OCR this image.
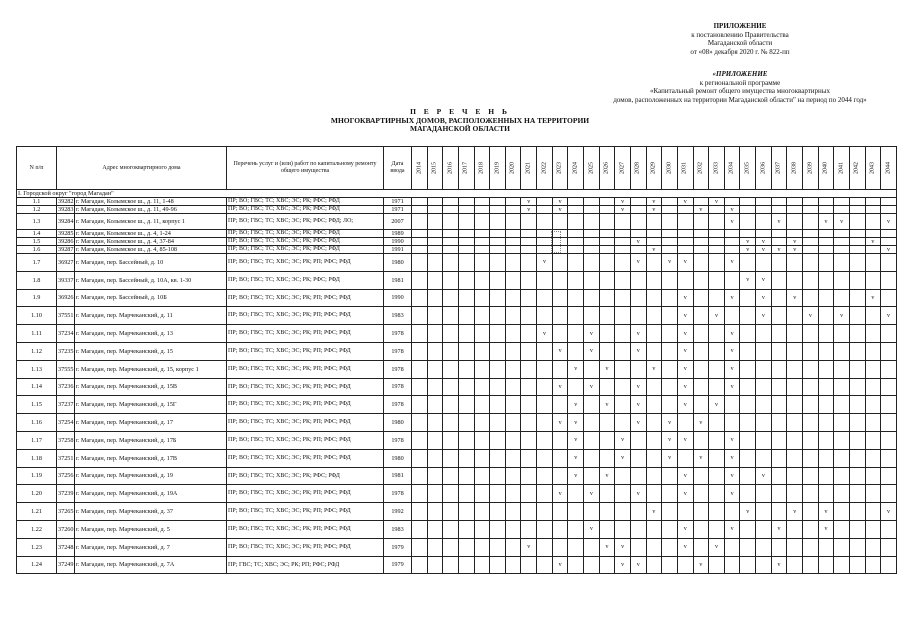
ПРИЛОЖЕНИЕ
к постановлению Правительства
Магаданской области
от «08» декабря 2020 г. № 822-пп
«ПРИЛОЖЕНИЕ
к региональной программе
«Капитальный ремонт общего имущества многоквартирных
домов, расположенных на территории Магаданской области" на период по 2044 год»
П Е Р Е Ч Е Н Ь
МНОГОКВАРТИРНЫХ ДОМОВ, РАСПОЛОЖЕННЫХ НА ТЕРРИТОРИИ
МАГАДАНСКОЙ ОБЛАСТИ
N п/п	Адрес многоквартирного дома		Перечень услуг и (или) работ по капитальному ремонту общего имущества	Дата ввода	2014	2015	2016	2017	2018	2019	2020	2021	2022	2023	2024	2025	2026	2027	2028	2029	2030	2031	2032	2033	2034	2035	2036	2037	2038	2039	2040	2041	2042	2043	2044
I. Городской округ "город Магадан"																																			
1.1	39282	г. Магадан, Колымское ш., д. 11, 1-48	ПР; ВО; ГВС; ТС; ХВС; ЭС; РК; РФС; РФД	1971								v		v				v		v		v		v											
1.2	39283	г. Магадан, Колымское ш., д. 11, 49-96	ПР; ВО; ГВС; ТС; ХВС; ЭС; РК; РФС; РФД	1971								v		v				v		v			v		v										
1.3	39284	г. Магадан, Колымское ш., д. 11, корпус 1	ПР; ВО; ГВС; ТС; ХВС; ЭС; РК; РФС; РФД; ЛО;	2007																					v			v			v	v			v
1.4	39285	г. Магадан, Колымское ш., д. 4, 1-24	ПР; ВО; ГВС; ТС; ХВС; ЭС; РК; РФС; РФД	1989																															
1.5	39286	г. Магадан, Колымское ш., д. 4, 37-84	ПР; ВО; ГВС; ТС; ХВС; ЭС; РК; РФС; РФД	1990															v							v	v		v					v	
1.6	39287	г. Магадан, Колымское ш., д. 4, 85-108	ПР; ВО; ГВС; ТС; ХВС; ЭС; РК; РФС; РФД	1991																v						v	v	v	v						v
1.7	36927	г. Магадан, пер. Бассейный, д. 10	ПР; ВО; ГВС; ТС; ХВС; ЭС; РК; РП; РФС; РФД	1980									v						v		v	v			v										
1.8	39337	г. Магадан, пер. Бассейный, д. 10А, кв. 1-30	ПР; ВО; ГВС; ТС; ХВС; ЭС; РК; РФС; РФД	1981																						v	v								
1.9	36926	г. Магадан, пер. Бассейный, д. 10Б	ПР; ВО; ГВС; ТС; ХВС; ЭС; РК; РП; РФС; РФД	1990																		v			v		v		v					v	
1.10	37551	г. Магадан, пер. Марчеканский, д. 11	ПР; ВО; ГВС; ТС; ХВС; ЭС; РК; РП; РФС; РФД	1983																		v		v			v			v		v			v
1.11	37234	г. Магадан, пер. Марчеканский, д. 13	ПР; ВО; ГВС; ТС; ХВС; ЭС; РК; РП; РФС; РФД	1978									v			v			v			v			v										
1.12	37235	г. Магадан, пер. Марчеканский, д. 15	ПР; ВО; ГВС; ТС; ХВС; ЭС; РК; РП; РФС; РФД	1978										v		v			v			v			v										
1.13	37555	г. Магадан, пер. Марчеканский, д. 15, корпус 1	ПР; ВО; ГВС; ТС; ХВС; ЭС; РК; РП; РФС; РФД	1978											v		v			v		v			v										
1.14	37236	г. Магадан, пер. Марчеканский, д. 15В	ПР; ВО; ГВС; ТС; ХВС; ЭС; РК; РП; РФС; РФД	1978										v		v			v			v			v										
1.15	37237	г. Магадан, пер. Марчеканский, д. 15Г	ПР; ВО; ГВС; ТС; ХВС; ЭС; РК; РП; РФС; РФД	1978											v		v		v			v		v											
1.16	37254	г. Магадан, пер. Марчеканский, д. 17	ПР; ВО; ГВС; ТС; ХВС; ЭС; РК; РП; РФС; РФД	1980										v	v				v		v		v												
1.17	37258	г. Магадан, пер. Марчеканский, д. 17Б	ПР; ВО; ГВС; ТС; ХВС; ЭС; РК; РП; РФС; РФД	1978											v			v			v	v			v										
1.18	37251	г. Магадан, пер. Марчеканский, д. 17В	ПР; ВО; ГВС; ТС; ХВС; ЭС; РК; РП; РФС; РФД	1980											v			v			v		v		v										
1.19	37256	г. Магадан, пер. Марчеканский, д. 19	ПР; ВО; ГВС; ТС; ХВС; ЭС; РК; РФС; РФД	1981											v		v					v			v		v								
1.20	37239	г. Магадан, пер. Марчеканский, д. 19А	ПР; ВО; ГВС; ТС; ХВС; ЭС; РК; РП; РФС; РФД	1978										v		v			v			v			v										
1.21	37265	г. Магадан, пер. Марчеканский, д. 37	ПР; ВО; ГВС; ТС; ХВС; ЭС; РК; РП; РФС; РФД	1992																v						v			v		v				v
1.22	37260	г. Магадан, пер. Марчеканский, д. 5	ПР; ВО; ГВС; ТС; ХВС; ЭС; РК; РП; РФС; РФД	1983												v						v			v			v			v				
1.23	37248	г. Магадан, пер. Марчеканский, д. 7	ПР; ВО; ГВС; ТС; ХВС; ЭС; РК; РП; РФС; РФД	1979								v					v	v				v		v											
1.24	37249	г. Магадан, пер. Марчеканский, д. 7А	ПР; ГВС; ТС; ХВС; ЭС; РК; РП; РФС; РФД	1979										v				v	v				v					v							
